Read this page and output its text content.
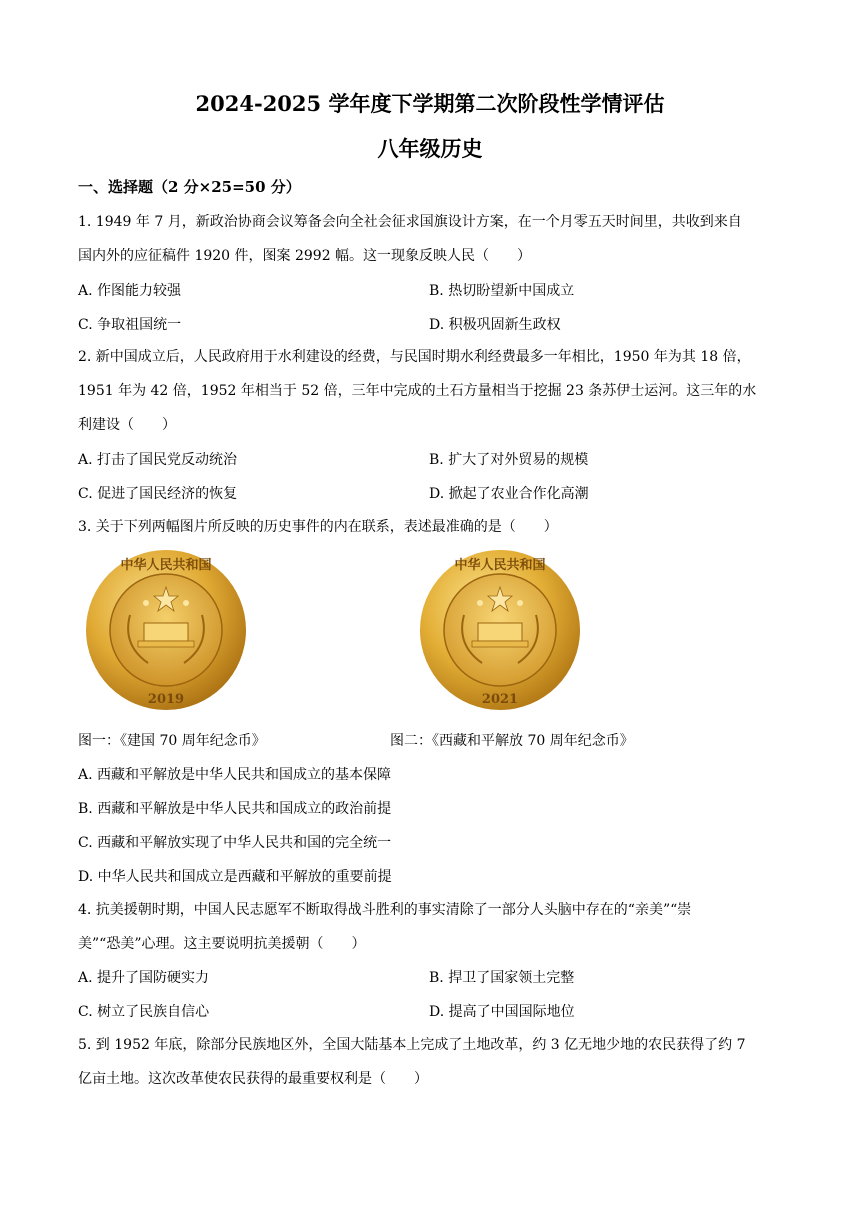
2024-2025 学年度下学期第二次阶段性学情评估
八年级历史
一、选择题（2 分×25=50 分）
1. 1949 年 7 月，新政治协商会议筹备会向全社会征求国旗设计方案，在一个月零五天时间里，共收到来自
国内外的应征稿件 1920 件，图案 2992 幅。这一现象反映人民（　　）
A. 作图能力较强	B. 热切盼望新中国成立
C. 争取祖国统一	D. 积极巩固新生政权
2. 新中国成立后，人民政府用于水利建设的经费，与民国时期水利经费最多一年相比，1950 年为其 18 倍，
1951 年为 42 倍，1952 年相当于 52 倍，三年中完成的土石方量相当于挖掘 23 条苏伊士运河。这三年的水
利建设（　　）
A. 打击了国民党反动统治	B. 扩大了对外贸易的规模
C. 促进了国民经济的恢复	D. 掀起了农业合作化高潮
3. 关于下列两幅图片所反映的历史事件的内在联系，表述最准确的是（　　）
2019
中华人民共和国
2021
中华人民共和国
图一：《建国 70 周年纪念币》	图二：《西藏和平解放 70 周年纪念币》
A. 西藏和平解放是中华人民共和国成立的基本保障
B. 西藏和平解放是中华人民共和国成立的政治前提
C. 西藏和平解放实现了中华人民共和国的完全统一
D. 中华人民共和国成立是西藏和平解放的重要前提
4. 抗美援朝时期，中国人民志愿军不断取得战斗胜利的事实清除了一部分人头脑中存在的“亲美”“崇
美”“恐美”心理。这主要说明抗美援朝（　　）
A. 提升了国防硬实力	B. 捍卫了国家领土完整
C. 树立了民族自信心	D. 提高了中国国际地位
5. 到 1952 年底，除部分民族地区外，全国大陆基本上完成了土地改革，约 3 亿无地少地的农民获得了约 7
亿亩土地。这次改革使农民获得的最重要权利是（　　）
